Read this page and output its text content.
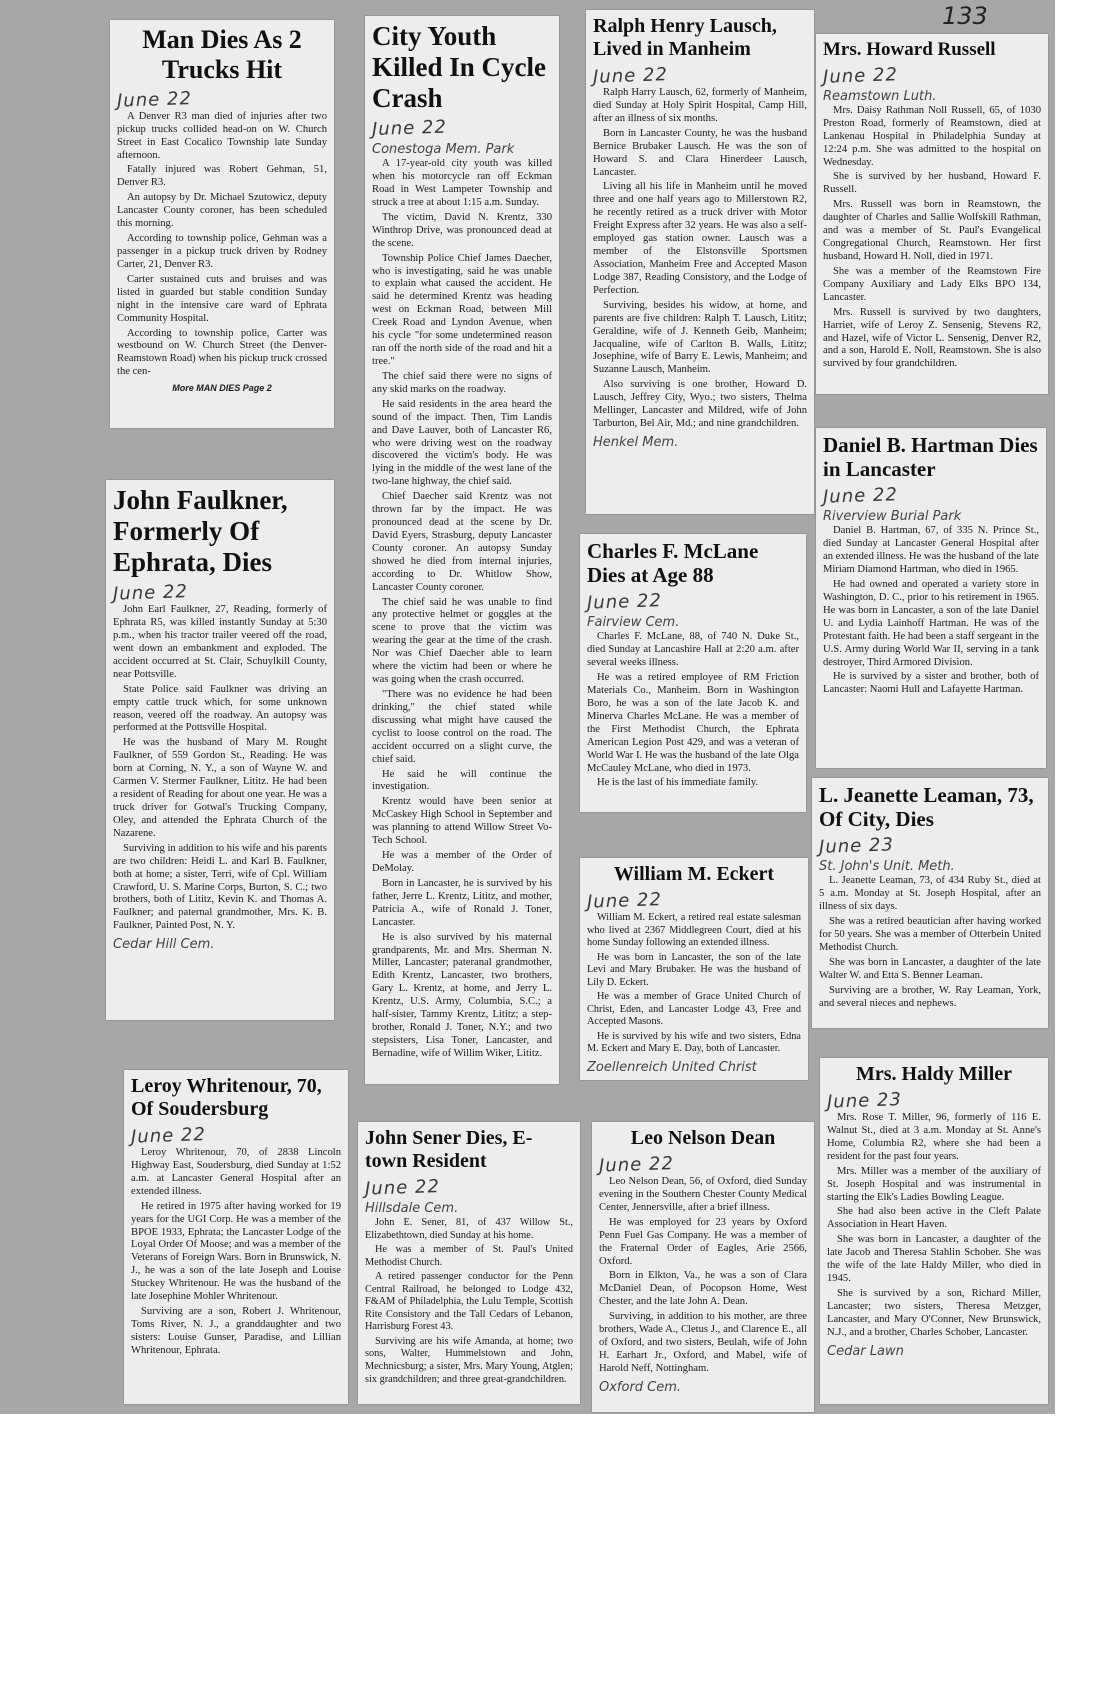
133
Man Dies As 2 Trucks Hit
June 22

A Denver R3 man died of injuries after two pickup trucks collided head-on on W. Church Street in East Cocalico Township late Sunday afternoon.

Fatally injured was Robert Gehman, 51, Denver R3.

An autopsy by Dr. Michael Szutowicz, deputy Lancaster County coroner, has been scheduled this morning.

According to township police, Gehman was a passenger in a pickup truck driven by Rodney Carter, 21, Denver R3.

Carter sustained cuts and bruises and was listed in guarded but stable condition Sunday night in the intensive care ward of Ephrata Community Hospital.

According to township police, Carter was westbound on W. Church Street (the Denver-Reamstown Road) when his pickup truck crossed the cen-

More MAN DIES Page 2
John Faulkner, Formerly Of Ephrata, Dies
June 22

John Earl Faulkner, 27, Reading, formerly of Ephrata R5, was killed instantly Sunday at 5:30 p.m., when his tractor trailer veered off the road, went down an embankment and exploded. The accident occurred at St. Clair, Schuylkill County, near Pottsville.

State Police said Faulkner was driving an empty cattle truck which, for some unknown reason, veered off the roadway. An autopsy was performed at the Pottsville Hospital.

He was the husband of Mary M. Rought Faulkner, of 559 Gordon St., Reading. He was born at Corning, N. Y., a son of Wayne W. and Carmen V. Stermer Faulkner, Lititz. He had been a resident of Reading for about one year. He was a truck driver for Gotwal's Trucking Company, Oley, and attended the Ephrata Church of the Nazarene.

Surviving in addition to his wife and his parents are two children: Heidi L. and Karl B. Faulkner, both at home; a sister, Terri, wife of Cpl. William Crawford, U. S. Marine Corps, Burton, S. C.; two brothers, both of Lititz, Kevin K. and Thomas A. Faulkner; and paternal grandmother, Mrs. K. B. Faulkner, Painted Post, N. Y.

Cedar Hill Cem.
City Youth Killed In Cycle Crash
June 22
Conestoga Mem. Park

A 17-year-old city youth was killed when his motorcycle ran off Eckman Road in West Lampeter Township and struck a tree at about 1:15 a.m. Sunday.

The victim, David N. Krentz, 330 Winthrop Drive, was pronounced dead at the scene.

Township Police Chief James Daecher, who is investigating, said he was unable to explain what caused the accident. He said he determined Krentz was heading west on Eckman Road, between Mill Creek Road and Lyndon Avenue, when his cycle "for some undetermined reason ran off the north side of the road and hit a tree."

The chief said there were no signs of any skid marks on the roadway.

He said residents in the area heard the sound of the impact. Then, Tim Landis and Dave Lauver, both of Lancaster R6, who were driving west on the roadway discovered the victim's body. He was lying in the middle of the west lane of the two-lane highway, the chief said.

Chief Daecher said Krentz was not thrown far by the impact. He was pronounced dead at the scene by Dr. David Eyers, Strasburg, deputy Lancaster County coroner. An autopsy Sunday showed he died from internal injuries, according to Dr. Whitlow Show, Lancaster County coroner.

The chief said he was unable to find any protective helmet or goggles at the scene to prove that the victim was wearing the gear at the time of the crash. Nor was Chief Daecher able to learn where the victim had been or where he was going when the crash occurred.

"There was no evidence he had been drinking," the chief stated while discussing what might have caused the cyclist to loose control on the road. The accident occurred on a slight curve, the chief said.

He said he will continue the investigation.

Krentz would have been senior at McCaskey High School in September and was planning to attend Willow Street Vo-Tech School.

He was a member of the Order of DeMolay.

Born in Lancaster, he is survived by his father, Jerre L. Krentz, Lititz, and mother, Patricia A., wife of Ronald J. Toner, Lancaster.

He is also survived by his maternal grandparents, Mr. and Mrs. Sherman N. Miller, Lancaster; pateranal grandmother, Edith Krentz, Lancaster, two brothers, Gary L. Krentz, at home, and Jerry L. Krentz, U.S. Army, Columbia, S.C.; a half-sister, Tammy Krentz, Lititz; a step-brother, Ronald J. Toner, N.Y.; and two stepsisters, Lisa Toner, Lancaster, and Bernadine, wife of Willim Wiker, Lititz.

Ralph Henry Lausch, Lived in Manheim
June 22

Ralph Harry Lausch, 62, formerly of Manheim, died Sunday at Holy Spirit Hospital, Camp Hill, after an illness of six months.

Born in Lancaster County, he was the husband Bernice Brubaker Lausch. He was the son of Howard S. and Clara Hinerdeer Lausch, Lancaster.

Living all his life in Manheim until he moved three and one half years ago to Millerstown R2, he recently retired as a truck driver with Motor Freight Express after 32 years. He was also a self-employed gas station owner. Lausch was a member of the Elstonsville Sportsmen Association, Manheim Free and Accepted Mason Lodge 387, Reading Consistory, and the Lodge of Perfection.

Surviving, besides his widow, at home, and parents are five children: Ralph T. Lausch, Lititz; Geraldine, wife of J. Kenneth Geib, Manheim; Jacqualine, wife of Carlton B. Walls, Lititz; Josephine, wife of Barry E. Lewis, Manheim; and Suzanne Lausch, Manheim.

Also surviving is one brother, Howard D. Lausch, Jeffrey City, Wyo.; two sisters, Thelma Mellinger, Lancaster and Mildred, wife of John Tarburton, Bel Air, Md.; and nine grandchildren.

Henkel Mem.
Mrs. Howard Russell
June 22
Reamstown Luth.

Mrs. Daisy Rathman Noll Russell, 65, of 1030 Preston Road, formerly of Reamstown, died at Lankenau Hospital in Philadelphia Sunday at 12:24 p.m. She was admitted to the hospital on Wednesday.

She is survived by her husband, Howard F. Russell.

Mrs. Russell was born in Reamstown, the daughter of Charles and Sallie Wolfskill Rathman, and was a member of St. Paul's Evangelical Congregational Church, Reamstown. Her first husband, Howard H. Noll, died in 1971.

She was a member of the Reamstown Fire Company Auxiliary and Lady Elks BPO 134, Lancaster.

Mrs. Russell is survived by two daughters, Harriet, wife of Leroy Z. Sensenig, Stevens R2, and Hazel, wife of Victor L. Sensenig, Denver R2, and a son, Harold E. Noll, Reamstown. She is also survived by four grandchildren.

Charles F. McLane Dies at Age 88
June 22
Fairview Cem.

Charles F. McLane, 88, of 740 N. Duke St., died Sunday at Lancashire Hall at 2:20 a.m. after several weeks illness.

He was a retired employee of RM Friction Materials Co., Manheim. Born in Washington Boro, he was a son of the late Jacob K. and Minerva Charles McLane. He was a member of the First Methodist Church, the Ephrata American Legion Post 429, and was a veteran of World War I. He was the husband of the late Olga McCauley McLane, who died in 1973.

He is the last of his immediate family.

Daniel B. Hartman Dies in Lancaster
June 22
Riverview Burial Park

Daniel B. Hartman, 67, of 335 N. Prince St., died Sunday at Lancaster General Hospital after an extended illness. He was the husband of the late Miriam Diamond Hartman, who died in 1965.

He had owned and operated a variety store in Washington, D. C., prior to his retirement in 1965. He was born in Lancaster, a son of the late Daniel U. and Lydia Lainhoff Hartman. He was of the Protestant faith. He had been a staff sergeant in the U.S. Army during World War II, serving in a tank destroyer, Third Armored Division.

He is survived by a sister and brother, both of Lancaster: Naomi Hull and Lafayette Hartman.

William M. Eckert
June 22

William M. Eckert, a retired real estate salesman who lived at 2367 Middlegreen Court, died at his home Sunday following an extended illness.

He was born in Lancaster, the son of the late Levi and Mary Brubaker. He was the husband of Lily D. Eckert.

He was a member of Grace United Church of Christ, Eden, and Lancaster Lodge 43, Free and Accepted Masons.

He is survived by his wife and two sisters, Edna M. Eckert and Mary E. Day, both of Lancaster.

Zoellenreich United Christ
L. Jeanette Leaman, 73, Of City, Dies
June 23
St. John's Unit. Meth.

L. Jeanette Leaman, 73, of 434 Ruby St., died at 5 a.m. Monday at St. Joseph Hospital, after an illness of six days.

She was a retired beautician after having worked for 50 years. She was a member of Otterbein United Methodist Church.

She was born in Lancaster, a daughter of the late Walter W. and Etta S. Benner Leaman.

Surviving are a brother, W. Ray Leaman, York, and several nieces and nephews.

Leroy Whritenour, 70, Of Soudersburg
June 22

Leroy Whritenour, 70, of 2838 Lincoln Highway East, Soudersburg, died Sunday at 1:52 a.m. at Lancaster General Hospital after an extended illness.

He retired in 1975 after having worked for 19 years for the UGI Corp. He was a member of the BPOE 1933, Ephrata; the Lancaster Lodge of the Loyal Order Of Moose; and was a member of the Veterans of Foreign Wars. Born in Brunswick, N. J., he was a son of the late Joseph and Louise Stuckey Whritenour. He was the husband of the late Josephine Mohler Whritenour.

Surviving are a son, Robert J. Whritenour, Toms River, N. J., a granddaughter and two sisters: Louise Gunser, Paradise, and Lillian Whritenour, Ephrata.

John Sener Dies, E-town Resident
June 22
Hillsdale Cem.

John E. Sener, 81, of 437 Willow St., Elizabethtown, died Sunday at his home.

He was a member of St. Paul's United Methodist Church.

A retired passenger conductor for the Penn Central Railroad, he belonged to Lodge 432, F&AM of Philadelphia, the Lulu Temple, Scottish Rite Consistory and the Tall Cedars of Lebanon, Harrisburg Forest 43.

Surviving are his wife Amanda, at home; two sons, Walter, Hummelstown and John, Mechnicsburg; a sister, Mrs. Mary Young, Atglen; six grandchildren; and three great-grandchildren.

Leo Nelson Dean
June 22

Leo Nelson Dean, 56, of Oxford, died Sunday evening in the Southern Chester County Medical Center, Jennersville, after a brief illness.

He was employed for 23 years by Oxford Penn Fuel Gas Company. He was a member of the Fraternal Order of Eagles, Arie 2566, Oxford.

Born in Elkton, Va., he was a son of Clara McDaniel Dean, of Pocopson Home, West Chester, and the late John A. Dean.

Surviving, in addition to his mother, are three brothers, Wade A., Cletus J., and Clarence E., all of Oxford, and two sisters, Beulah, wife of John H. Earhart Jr., Oxford, and Mabel, wife of Harold Neff, Nottingham.

Oxford Cem.
Mrs. Haldy Miller
June 23

Mrs. Rose T. Miller, 96, formerly of 116 E. Walnut St., died at 3 a.m. Monday at St. Anne's Home, Columbia R2, where she had been a resident for the past four years.

Mrs. Miller was a member of the auxiliary of St. Joseph Hospital and was instrumental in starting the Elk's Ladies Bowling League.

She had also been active in the Cleft Palate Association in Heart Haven.

She was born in Lancaster, a daughter of the late Jacob and Theresa Stahlin Schober. She was the wife of the late Haldy Miller, who died in 1945.

She is survived by a son, Richard Miller, Lancaster; two sisters, Theresa Metzger, Lancaster, and Mary O'Conner, New Brunswick, N.J., and a brother, Charles Schober, Lancaster.

Cedar Lawn
